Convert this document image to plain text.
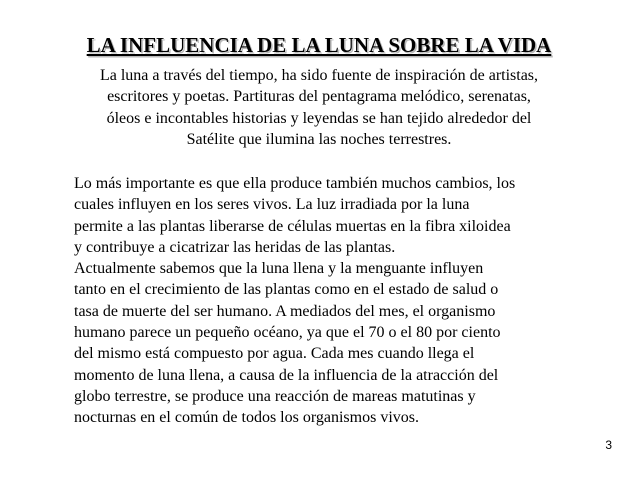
LA INFLUENCIA DE LA LUNA SOBRE LA VIDA
La luna a través del tiempo, ha sido fuente de inspiración de artistas,
escritores y poetas. Partituras del pentagrama melódico, serenatas,
óleos e incontables historias y leyendas se han tejido alrededor del
Satélite que ilumina las noches terrestres.

Lo más importante es que ella produce también muchos cambios, los
cuales influyen en los seres vivos. La luz irradiada por la luna
permite a las plantas liberarse de células muertas en la fibra xiloidea
y contribuye a cicatrizar las heridas de las plantas.

Actualmente sabemos que la luna llena y la menguante influyen
tanto en el crecimiento de las plantas como en el estado de salud o
tasa de muerte del ser humano. A mediados del mes, el organismo
humano parece un pequeño océano, ya que el 70 o el 80 por ciento
del mismo está compuesto por agua. Cada mes cuando llega el
momento de luna llena, a causa de la influencia de la atracción del
globo terrestre, se produce una reacción de mareas matutinas y
nocturnas en el común de todos los organismos vivos.

3
